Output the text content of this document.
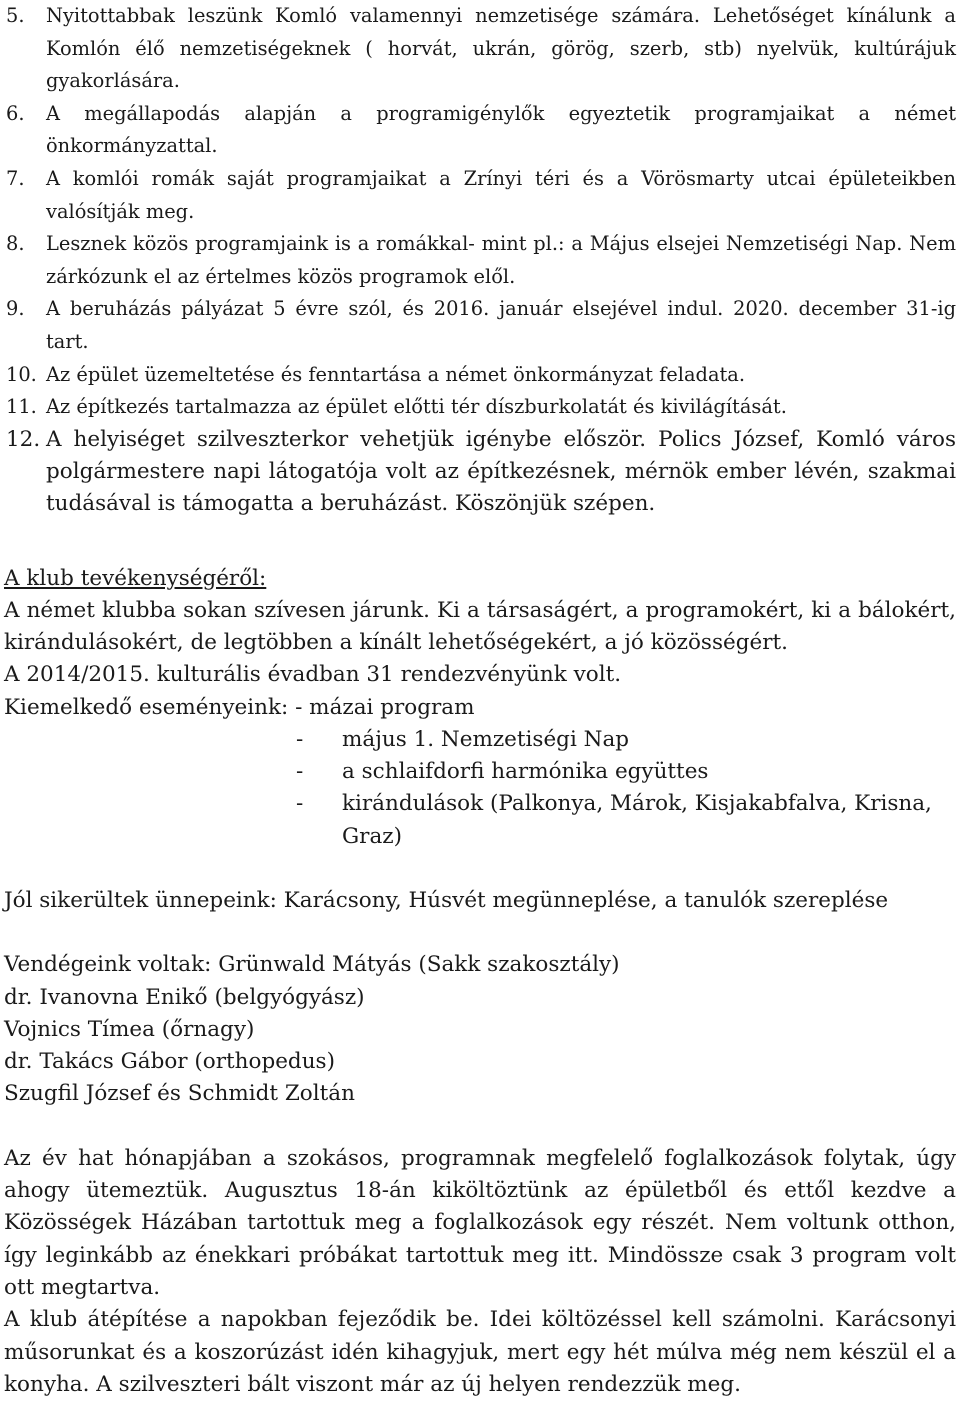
5.	Nyitottabbak leszünk Komló valamennyi nemzetisége számára. Lehetőséget kínálunk a Komlón élő nemzetiségeknek ( horvát, ukrán, görög, szerb, stb) nyelvük, kultúrájuk gyakorlására.
6.	A megállapodás alapján a programigénylők egyeztetik programjaikat a német önkormányzattal.
7.	A komlói romák saját programjaikat a Zrínyi téri és a Vörösmarty utcai épületeikben valósítják meg.
8.	Lesznek közös programjaink is a romákkal- mint pl.: a Május elsejei Nemzetiségi Nap. Nem zárkózunk el az értelmes közös programok elől.
9.	A beruházás pályázat 5 évre szól, és 2016. január elsejével indul. 2020. december 31-ig tart.
10. Az épület üzemeltetése és fenntartása a német önkormányzat feladata.
11. Az építkezés tartalmazza az épület előtti tér díszburkolatát és kivilágítását.
12. A helyiséget szilveszterkor vehetjük igénybe először. Polics József, Komló város polgármestere napi látogatója volt az építkezésnek, mérnök ember lévén, szakmai tudásával is támogatta a beruházást. Köszönjük szépen.
A klub tevékenységéről:

A német klubba sokan szívesen járunk. Ki a társaságért, a programokért, ki a bálokért, kirándulásokért, de legtöbben a kínált lehetőségekért, a jó közösségért.

A 2014/2015. kulturális évadban 31 rendezvényünk volt.

Kiemelkedő eseményeink: - mázai program

-	május 1. Nemzetiségi Nap
-	a schlaifdorfi harmónika együttes
-	kirándulások (Palkonya, Márok, Kisjakabfalva, Krisna, Graz)

Jól sikerültek ünnepeink: Karácsony, Húsvét megünneplése, a tanulók szereplése

Vendégeink voltak: Grünwald Mátyás (Sakk szakosztály)

dr. Ivanovna Enikő (belgyógyász)

Vojnics Tímea (őrnagy)

dr. Takács Gábor (orthopedus)

Szugfil József és Schmidt Zoltán

Az év hat hónapjában a szokásos, programnak megfelelő foglalkozások folytak, úgy ahogy ütemeztük. Augusztus 18-án kiköltöztünk az épületből és ettől kezdve a Közösségek Házában tartottuk meg a foglalkozások egy részét. Nem voltunk otthon, így leginkább az énekkari próbákat tartottuk meg itt. Mindössze csak 3 program volt ott megtartva.

A klub átépítése a napokban fejeződik be. Idei költözéssel kell számolni. Karácsonyi műsorunkat és a koszorúzást idén kihagyjuk, mert egy hét múlva még nem készül el a konyha. A szilveszteri bált viszont már az új helyen rendezzük meg.
